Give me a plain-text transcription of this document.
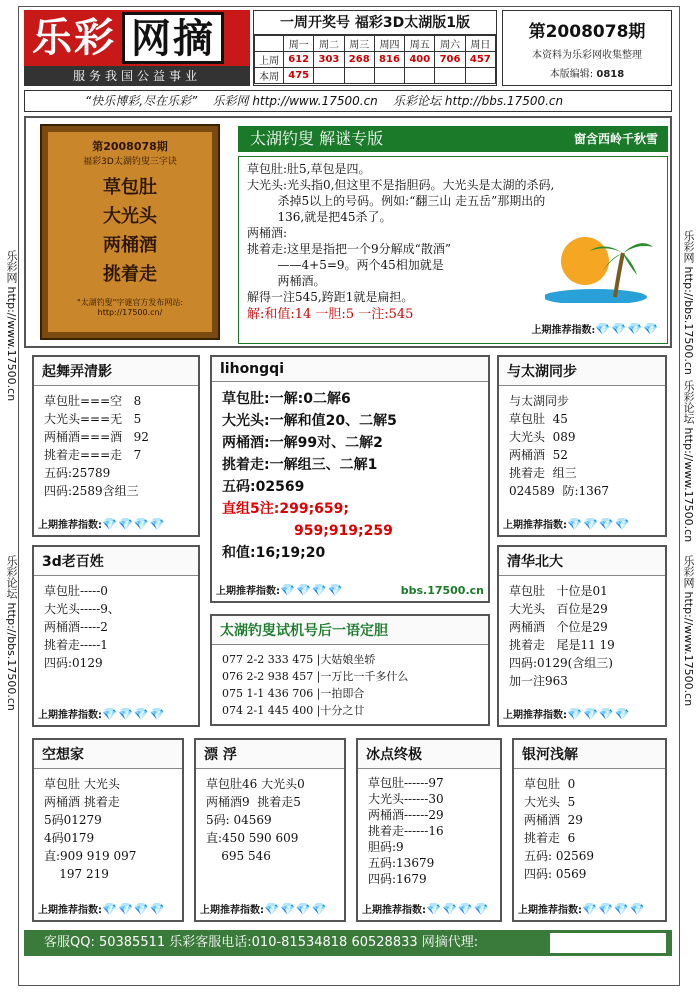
乐彩 网摘
服务我国公益事业
一周开奖号 福彩3D太湖版1版
	周一	周二	周三	周四	周五	周六	周日
上周	612	303	268	816	400	706	457
本周	475						
第2008078期
本资料为乐彩网收集整理
本版编辑: 0818
“快乐博彩,尽在乐彩” 乐彩网 http://www.17500.cn 乐彩论坛 http://bbs.17500.cn
乐彩网 http://www.17500.cn
乐彩论坛 http://bbs.17500.cn
乐彩网 http://bbs.17500.cn
乐彩论坛 http://www.17500.cn
乐彩网 http://www.17500.cn
第2008078期
福彩3D太湖钓叟三字诀
草包肚
大光头
两桶酒
挑着走
"太湖钓叟"字谜官方发布网站:
http://17500.cn/
太湖钓叟 解谜专版	窗含西岭千秋雪
草包肚:肚5,草包是四。
大光头:光头指0,但这里不是指胆码。大光头是太湖的杀码,
杀掉5以上的号码。例如:“翻三山 走五岳”那期出的
136,就是把45杀了。
两桶酒:
挑着走:这里是指把一个9分解成“散酒”
——4+5=9。两个45相加就是
两桶酒。
解得一注545,跨距1就是扁担。
解:和值:14 一胆:5 一注:545
上期推荐指数:💎💎💎💎
起舞弄清影
草包肚===空   8
大光头===无   5
两桶酒===酒   92
挑着走===走   7
五码:25789
四码:2589含组三
上期推荐指数:💎💎💎💎
lihongqi
草包肚:一解:0二解6
大光头:一解和值20、二解5
两桶酒:一解99对、二解2
挑着走:一解组三、二解1
五码:02569
直组5注:299;659;
959;919;259
和值:16;19;20
上期推荐指数:💎💎💎💎	bbs.17500.cn
与太湖同步
与太湖同步
草包肚  45
大光头  089
两桶酒  52
挑着走  组三
024589  防:1367
上期推荐指数:💎💎💎💎
3d老百姓
草包肚-----0
大光头-----9、
两桶酒-----2
挑着走-----1
四码:0129
上期推荐指数:💎💎💎💎
太湖钓叟试机号后一语定胆
077 2-2 333 475 |大姑娘坐轿
076 2-2 938 457 |一万比一千多什么
075 1-1 436 706 |一拍即合
074 2-1 445 400 |十分之廿
清华北大
草包肚   十位是01
大光头   百位是29
两桶酒   个位是29
挑着走   尾是11 19
四码:0129(含组三)
加一注963
上期推荐指数:💎💎💎💎
空想家
草包肚 大光头
两桶酒 挑着走
5码01279
4码0179
直:909 919 097
197 219
上期推荐指数:💎💎💎💎
漂 浮
草包肚46 大光头0
两桶酒9  挑着走5
5码: 04569
直:450 590 609
695 546
上期推荐指数:💎💎💎💎
冰点终极
草包肚------97
大光头------30
两桶酒------29
挑着走------16
胆码:9
五码:13679
四码:1679
上期推荐指数:💎💎💎💎
银河浅解
草包肚  0
大光头  5
两桶酒  29
挑着走  6
五码: 02569
四码: 0569
上期推荐指数:💎💎💎💎
客服QQ: 50385511 乐彩客服电话:010-81534818 60528833 网摘代理:
